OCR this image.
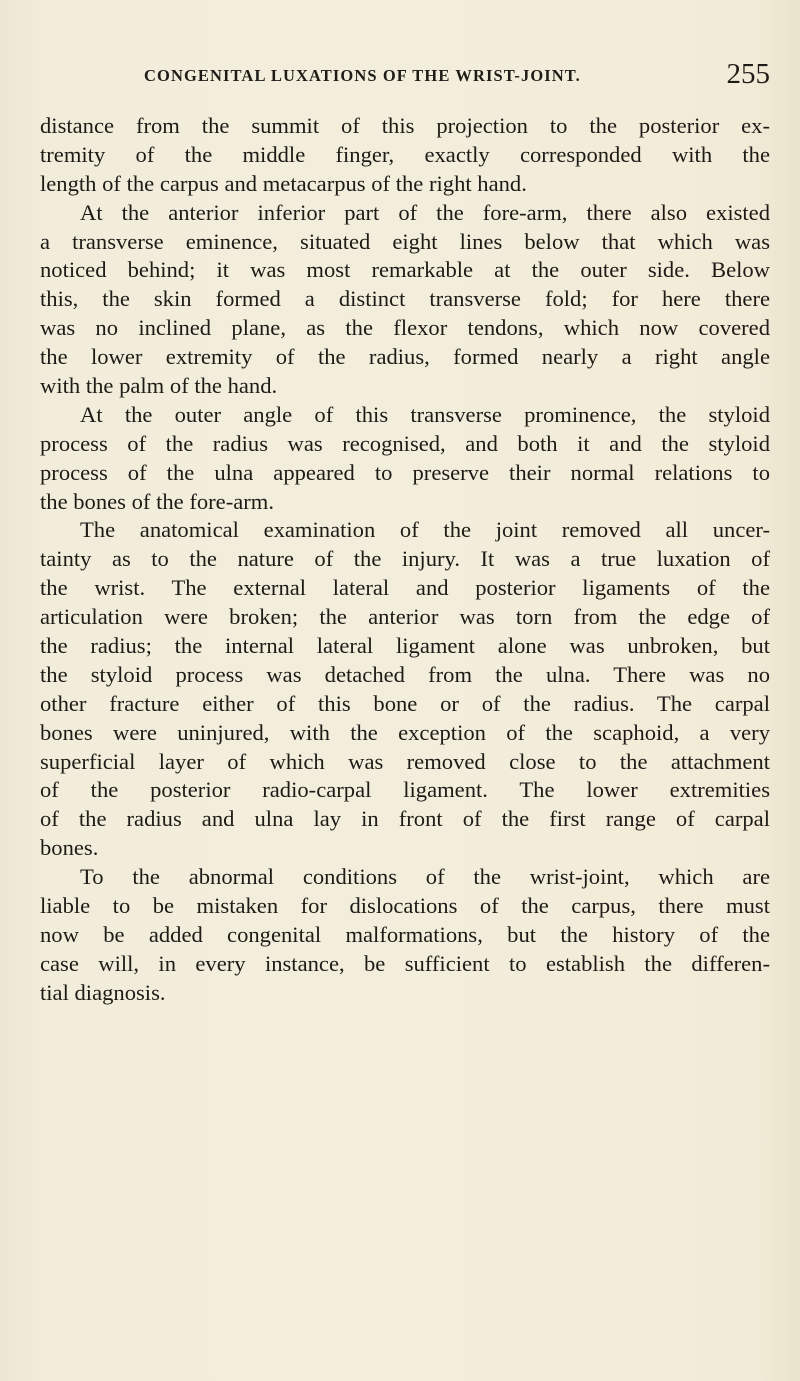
CONGENITAL LUXATIONS OF THE WRIST-JOINT.	255
distance from the summit of this projection to the posterior ex-
tremity of the middle finger, exactly corresponded with the
length of the carpus and metacarpus of the right hand.
At the anterior inferior part of the fore-arm, there also existed
a transverse eminence, situated eight lines below that which was
noticed behind; it was most remarkable at the outer side. Below
this, the skin formed a distinct transverse fold; for here there
was no inclined plane, as the flexor tendons, which now covered
the lower extremity of the radius, formed nearly a right angle
with the palm of the hand.
At the outer angle of this transverse prominence, the styloid
process of the radius was recognised, and both it and the styloid
process of the ulna appeared to preserve their normal relations to
the bones of the fore-arm.
The anatomical examination of the joint removed all uncer-
tainty as to the nature of the injury. It was a true luxation of
the wrist. The external lateral and posterior ligaments of the
articulation were broken; the anterior was torn from the edge of
the radius; the internal lateral ligament alone was unbroken, but
the styloid process was detached from the ulna. There was no
other fracture either of this bone or of the radius. The carpal
bones were uninjured, with the exception of the scaphoid, a very
superficial layer of which was removed close to the attachment
of the posterior radio-carpal ligament. The lower extremities
of the radius and ulna lay in front of the first range of carpal
bones.
To the abnormal conditions of the wrist-joint, which are
liable to be mistaken for dislocations of the carpus, there must
now be added congenital malformations, but the history of the
case will, in every instance, be sufficient to establish the differen-
tial diagnosis.
